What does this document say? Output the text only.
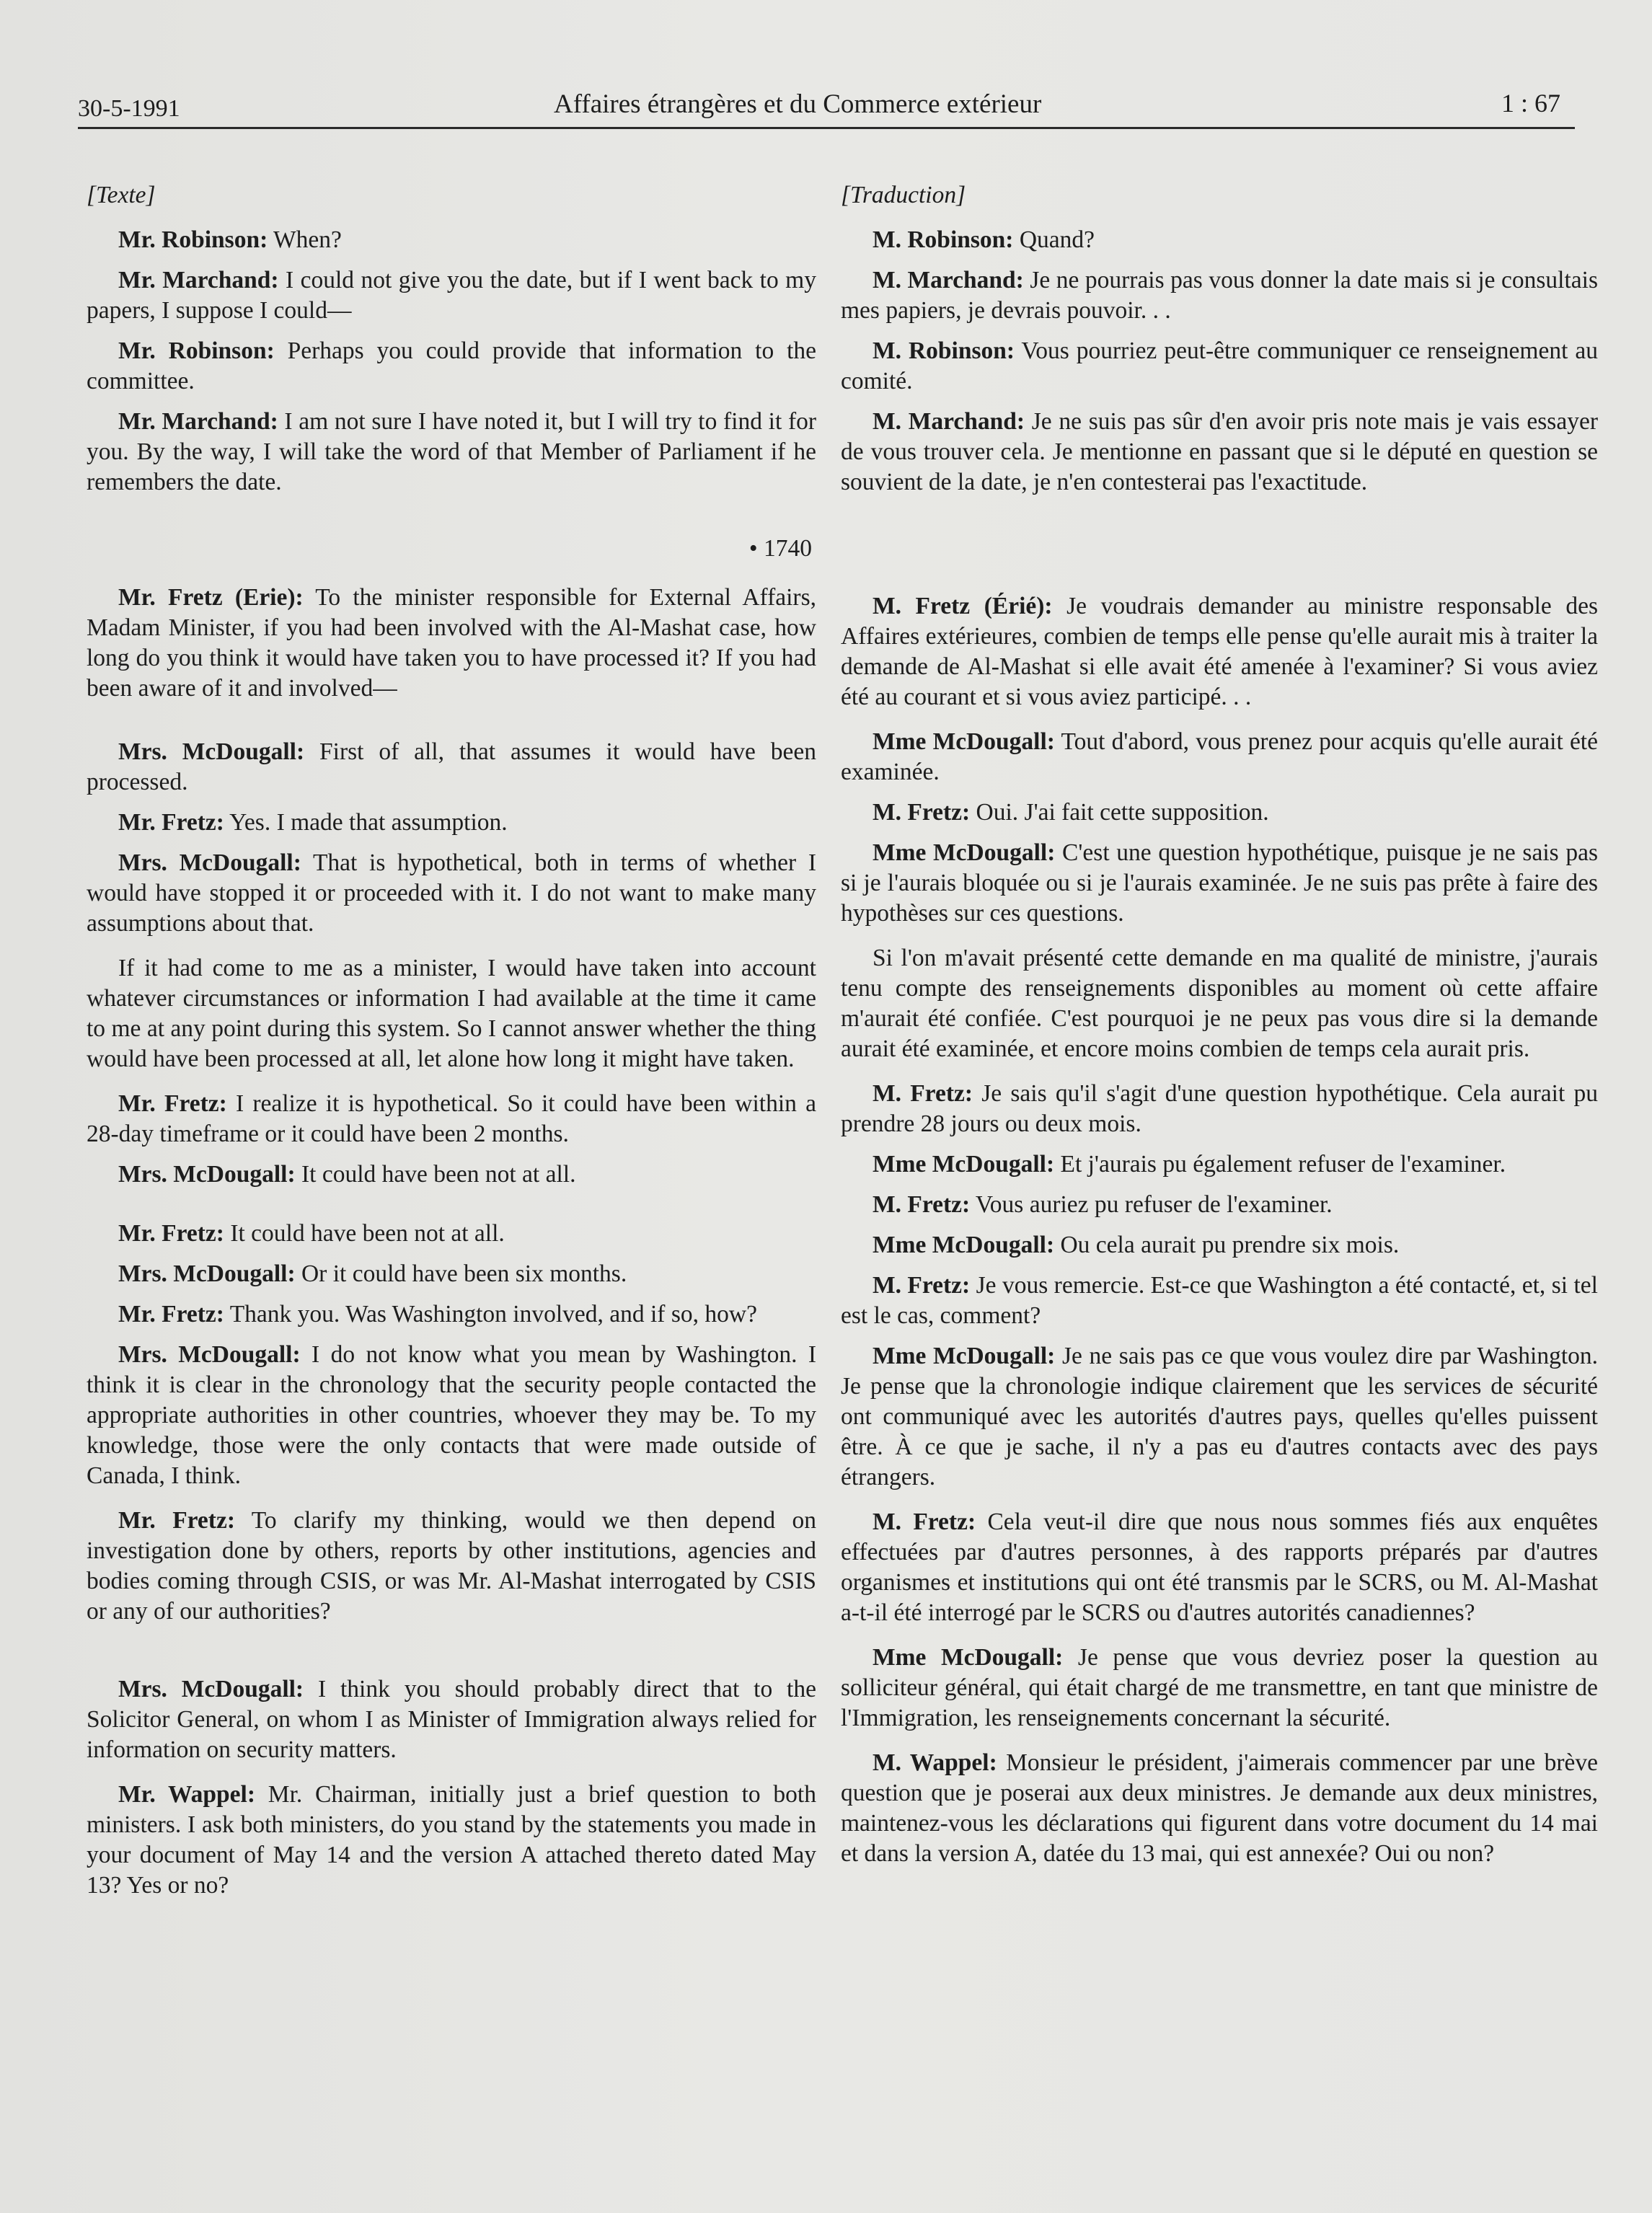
30-5-1991	Affaires étrangères et du Commerce extérieur	1 : 67
[Texte]

Mr. Robinson: When?

Mr. Marchand: I could not give you the date, but if I went back to my papers, I suppose I could—

Mr. Robinson: Perhaps you could provide that information to the committee.

Mr. Marchand: I am not sure I have noted it, but I will try to find it for you. By the way, I will take the word of that Member of Parliament if he remembers the date.

• 1740

Mr. Fretz (Erie): To the minister responsible for External Affairs, Madam Minister, if you had been involved with the Al-Mashat case, how long do you think it would have taken you to have processed it? If you had been aware of it and involved—

Mrs. McDougall: First of all, that assumes it would have been processed.

Mr. Fretz: Yes. I made that assumption.

Mrs. McDougall: That is hypothetical, both in terms of whether I would have stopped it or proceeded with it. I do not want to make many assumptions about that.

If it had come to me as a minister, I would have taken into account whatever circumstances or information I had available at the time it came to me at any point during this system. So I cannot answer whether the thing would have been processed at all, let alone how long it might have taken.

Mr. Fretz: I realize it is hypothetical. So it could have been within a 28-day timeframe or it could have been 2 months.

Mrs. McDougall: It could have been not at all.

Mr. Fretz: It could have been not at all.

Mrs. McDougall: Or it could have been six months.

Mr. Fretz: Thank you. Was Washington involved, and if so, how?

Mrs. McDougall: I do not know what you mean by Washington. I think it is clear in the chronology that the security people contacted the appropriate authorities in other countries, whoever they may be. To my knowledge, those were the only contacts that were made outside of Canada, I think.

Mr. Fretz: To clarify my thinking, would we then depend on investigation done by others, reports by other institutions, agencies and bodies coming through CSIS, or was Mr. Al-Mashat interrogated by CSIS or any of our authorities?

Mrs. McDougall: I think you should probably direct that to the Solicitor General, on whom I as Minister of Immigration always relied for information on security matters.

Mr. Wappel: Mr. Chairman, initially just a brief question to both ministers. I ask both ministers, do you stand by the statements you made in your document of May 14 and the version A attached thereto dated May 13? Yes or no?

[Traduction]

M. Robinson: Quand?

M. Marchand: Je ne pourrais pas vous donner la date mais si je consultais mes papiers, je devrais pouvoir. . .

M. Robinson: Vous pourriez peut-être communiquer ce renseignement au comité.

M. Marchand: Je ne suis pas sûr d'en avoir pris note mais je vais essayer de vous trouver cela. Je mentionne en passant que si le député en question se souvient de la date, je n'en contesterai pas l'exactitude.

M. Fretz (Érié): Je voudrais demander au ministre responsable des Affaires extérieures, combien de temps elle pense qu'elle aurait mis à traiter la demande de Al-Mashat si elle avait été amenée à l'examiner? Si vous aviez été au courant et si vous aviez participé. . .

Mme McDougall: Tout d'abord, vous prenez pour acquis qu'elle aurait été examinée.

M. Fretz: Oui. J'ai fait cette supposition.

Mme McDougall: C'est une question hypothétique, puisque je ne sais pas si je l'aurais bloquée ou si je l'aurais examinée. Je ne suis pas prête à faire des hypothèses sur ces questions.

Si l'on m'avait présenté cette demande en ma qualité de ministre, j'aurais tenu compte des renseignements disponibles au moment où cette affaire m'aurait été confiée. C'est pourquoi je ne peux pas vous dire si la demande aurait été examinée, et encore moins combien de temps cela aurait pris.

M. Fretz: Je sais qu'il s'agit d'une question hypothétique. Cela aurait pu prendre 28 jours ou deux mois.

Mme McDougall: Et j'aurais pu également refuser de l'examiner.

M. Fretz: Vous auriez pu refuser de l'examiner.

Mme McDougall: Ou cela aurait pu prendre six mois.

M. Fretz: Je vous remercie. Est-ce que Washington a été contacté, et, si tel est le cas, comment?

Mme McDougall: Je ne sais pas ce que vous voulez dire par Washington. Je pense que la chronologie indique clairement que les services de sécurité ont communiqué avec les autorités d'autres pays, quelles qu'elles puissent être. À ce que je sache, il n'y a pas eu d'autres contacts avec des pays étrangers.

M. Fretz: Cela veut-il dire que nous nous sommes fiés aux enquêtes effectuées par d'autres personnes, à des rapports préparés par d'autres organismes et institutions qui ont été transmis par le SCRS, ou M. Al-Mashat a-t-il été interrogé par le SCRS ou d'autres autorités canadiennes?

Mme McDougall: Je pense que vous devriez poser la question au solliciteur général, qui était chargé de me transmettre, en tant que ministre de l'Immigration, les renseignements concernant la sécurité.

M. Wappel: Monsieur le président, j'aimerais commencer par une brève question que je poserai aux deux ministres. Je demande aux deux ministres, maintenez-vous les déclarations qui figurent dans votre document du 14 mai et dans la version A, datée du 13 mai, qui est annexée? Oui ou non?
